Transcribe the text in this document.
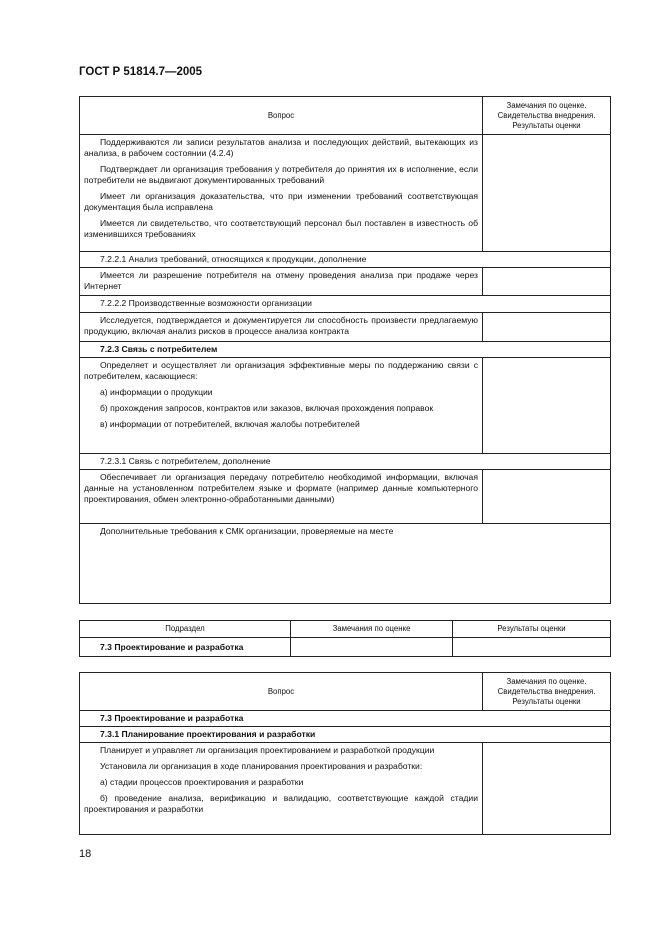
ГОСТ Р 51814.7—2005
Вопрос	Замечания по оценке.
Свидетельства внедрения.
Результаты оценки

Поддерживаются ли записи результатов анализа и последующих действий, вытекающих из анализа, в рабочем состоянии (4.2.4)

Подтверждает ли организация требования у потребителя до принятия их в исполнение, если потребители не выдвигают документированных требований

Имеет ли организация доказательства, что при изменении требований соответствующая документация была исправлена

Имеется ли свидетельство, что соответствующий персонал был поставлен в известность об изменившихся требованиях	

7.2.2.1 Анализ требований, относящихся к продукции, дополнение	

Имеется ли разрешение потребителя на отмену проведения анализа при продаже через Интернет	

7.2.2.2 Производственные возможности организации	

Исследуется, подтверждается и документируется ли способность произвести предлагаемую продукцию, включая анализ рисков в процессе анализа контракта	

7.2.3 Связь с потребителем	

Определяет и осуществляет ли организация эффективные меры по поддержанию связи с потребителем, касающиеся:

а) информации о продукции

б) прохождения запросов, контрактов или заказов, включая прохождения поправок

в) информации от потребителей, включая жалобы потребителей	

7.2.3.1 Связь с потребителем, дополнение	

Обеспечивает ли организация передачу потребителю необходимой информации, включая данные на установленном потребителем языке и формате (например данные компьютерного проектирования, обмен электронно-обработанными данными)	

Дополнительные требования к СМК организации, проверяемые на месте	

Подраздел	Замечания по оценке	Результаты оценки

7.3 Проектирование и разработка		

Вопрос	Замечания по оценке.
Свидетельства внедрения.
Результаты оценки

7.3 Проектирование и разработка	

7.3.1 Планирование проектирования и разработки	

Планирует и управляет ли организация проектированием и разработкой продукции

Установила ли организация в ходе планирования проектирования и разработки:

а) стадии процессов проектирования и разработки

б) проведение анализа, верификацию и валидацию, соответствующие каждой стадии проектирования и разработки	

18
